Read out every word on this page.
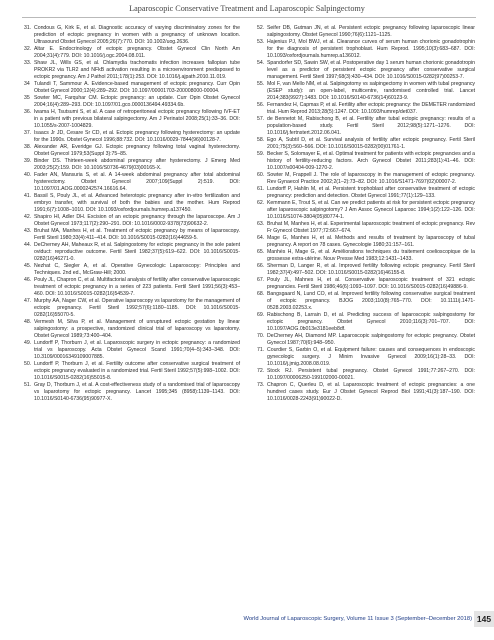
Laparoscopic Conservative Treatment and Laparoscopic Salpingectomy

31. Condous G, Kirk E, et al. Diagnostic accuracy of varying discriminatory zones for the prediction of ectopic pregnancy in women with a pregnancy of unknown location. Ultrasound Obstet Gynecol 2005;26(7):770. DOI: 10.1002/uog.2636.

32. Altar E. Endocrinology of ectopic pregnancy. Obstet Gynecol Clin North Am 2004;31(4):779. DOI: 10.1016/j.ogc.2004.08.011.

33. Shaw JL, Wills GS, et al. Chlamydia trachomatis infection increases fallopian tube PROKR2 via TLR2 and NFkB activation resulting in a microenvironment predisposed to ectopic pregnancy. Am J Pathol 2011;178(1):253. DOI: 10.1016/j.ajpath.2010.11.019.

34 Tulandi T, Sammour A. Evidence-based management of ectopic pregnancy. Curr Opin Obstet Gynecol 2000;12(4):289–292. DOI: 10.1097/00001703-200008000-00004.

35 Sowter MC, Farquhar CM. Ectopic pregnancy: an update. Curr Opin Obstet Gynecol 2004;16(4):289–293. DOI: 10.1097/01.gco.0000136494.49334.6b.

36. Iwama H, Tsutsumi S, et al. A case of retroperitoneal ectopic pregnancy following IVF-ET in a patient with previous bilateral salpingectomy. Am J Perinatol 2008;25(1):33–36. DOI: 10.1055/s-2007-1004829.

37. Isaacs Jr JD, Cesare Sr CD, et al. Ectopic pregnancy following hysterectomy: an update for the 1990s. Obstet Gynecol 1996;88:732. DOI: 10.1016/0029-7844(96)00128-7.

38. Alexander AR, Everidge GJ. Ectopic pregnancy following total vaginal hysterectomy. Obstet Gynecol 1979;53(Suppl 3):75–85.

39. Binder DS. Thirteen-week abdominal pregnancy after hysterectomy. J Emerg Med 2003;25(2):159. DOI: 10.1016/S0736-4679(03)00165-X.

40. Fader AN, Mansuria S, et al. A 14-week abdominal pregnancy after total abdominal hysterectomy. Obstet Gynecol 2007;109(Suppl 2):519. DOI: 10.1097/01.AOG.0000242574.16616.64.

41. Bassil S, Pouly JL, et al. Advanced heterotopic pregnancy after in-vitro fertilization and embryo transfer, with survival of both the babies and the mother. Hum Reprod 1991;6(7):1008–1010. DOI: 10.1093/oxfordjournals.humrep.a137450.

42. Shapiro HI, Adler DH. Excision of an ectopic pregnancy through the laparoscope. Am J Obstet Gynecol 1973;117(2):290–291. DOI: 10.1016/0002-9378(73)90632-2.

43. Bruhat MA, Manhes H, et al. Treatment of ectopic pregnancy by means of laparoscopy. Fertil Steril 1980;33(4):411–414. DOI: 10.1016/S0015-0282(16)44659-5.

44. DeCherney AH, Maheaux R, et al. Salpingostomy for ectopic pregnancy in the sole patent oviduct: reproductive outcome. Fertil Steril 1982;37(5):619–622. DOI: 10.1016/S0015-0282(16)46271-0.

45. Nezhat C, Siegler A, et al. Operative Gynecologic Laparoscopy: Principles and Techniques. 2nd ed., McGraw-Hill; 2000.

46. Pouly JL, Chapron C, et al. Multifactorial analysis of fertility after conservative laparoscopic treatment of ectopic pregnancy in a series of 223 patients. Fertil Steril 1991;56(3):453–460. DOI: 10.1016/S0015-0282(16)54539-7.

47. Murphy AA, Nager CW, et al. Operative laparoscopy vs laparotomy for the management of ectopic pregnancy. Fertil Steril 1992;57(6):1180–1185. DOI: 10.1016/S0015-0282(16)55070-5.

48. Vermesh M, Silva P, et al. Management of unruptured ectopic gestation by linear salpingostomy: a prospective, randomized clinical trial of laparoscopy vs laparotomy. Obstet Gynecol 1989;73:400–404.

49. Lundorff P, Thorburn J, et al. Laparoscopic surgery in ectopic pregnancy: a randomized trial vs laparoscopy. Acta Obstet Gynecol Scand 1991;70(4–5):343–348. DOI: 10.3109/00016349109007885.

50. Lundorff P, Thorburn J, et al. Fertility outcome after conservative surgical treatment of ectopic pregnancy evaluated in a randomized trial. Fertil Steril 1992;57(5):998–1002. DOI: 10.1016/S0015-0282(16)55015-8.

51. Gray D, Thorburn J, et al. A cost-effectiveness study of a randomised trial of laparoscopy vs laparotomy for ectopic pregnancy. Lancet 1995;345 (8958):1139–1143. DOI: 10.1016/S0140-6736(95)90977-X.

52. Seifer DB, Gutman JN, et al. Persistent ectopic pregnancy following laparoscopic linear salpingostomy. Obstet Gynecol 1990;76(6):1121–1125.

53. Hajenius PJ, Mol BWJ, et al. Clearance curves of serum human chorionic gonadotrophin for the diagnosis of persistent trophoblast. Hum Reprod. 1995;10(3):683–687. DOI: 10.1093/oxfordjournals.humrep.a136012.

54. Spandorfer SD, Sawin SW, et al. Postoperative day 1 serum human chorionic gonadotropin level as a predictor of persistent ectopic pregnancy after conservative surgical management. Fertil Steril 1997;68(3):430–434. DOI: 10.1016/S0015-0282(97)00253-7.

55. Mol F, van Mello NM, et al. Salpingotomy vs salpingectomy in women with tubal pregnancy (ESEP study): an open-label, multicentre, randomised controlled trial. Lancet 2014;383(9927):1483. DOI: 10.1016/S0140-6736(14)60123-9.

56. Fernandez H, Capmas P, et al. Fertility after ectopic pregnancy: the DEMETER randomized trial. Hum Reprod 2013;28(5):1247. DOI: 10.1093/humrep/det037.

57. de Bennetot M, Rabischong B, et al. Fertility after tubal ectopic pregnancy: results of a population-based study. Fertil Steril 2012;98(5):1271–1276. DOI: 10.1016/j.fertnstert.2012.06.041.

58. Ego A, Subtil D, et al. Survival analysis of fertility after ectopic pregnancy. Fertil Steril 2001;75(3):560–566. DOI: 10.1016/S0015-0282(00)01761-1.

59. Becker S, Solomayer E, et al. Optimal treatment for patients with ectopic pregnancies and a history of fertility-reducing factors. Arch Gynecol Obstet 2011;283(1):41–46. DOI: 10.1007/s00404-009-1270-2.

60. Sowter M, Frappell J. The role of laparoscopy in the management of ectopic pregnancy. Rev Gynaecol Practice 2002;2(1–2):73–82. DOI: 10.1016/S1471-7697(02)00007-2.

61. Lundorff P, Hahlin M, et al. Persistent trophoblast after conservative treatment of ectopic pregnancy: prediction and detection. Obstet Gynecol 1991;77(1):129–133.

62. Kemmann E, Trout S, et al. Can we predict patients at risk for persistent ectopic pregnancy after laparoscopic salpingotomy? J Am Assoc Gynecol Laparosc 1994;1(2):122–126. DOI: 10.1016/S1074-3804(05)80774-1.

63. Bruhat M, Manhes H, et al. Experimental laparoscopic treatment of ectopic pregnancy. Rev Fr Gynecol Obstet 1977;72:667–674.

64. Mage G, Manhes H, et al. Methods and results of treatment by laparoscopy of tubal pregnancy. A report on 78 cases. Gynecologie 1980;31:157–161.

65. Manhès H, Mage G, et al. Améliorations techniques du traitement coelioscopique de la grossesse extra-utérine. Nouv Presse Med 1983;12:1431–1433.

66. Sherman D, Langer R, et al. Improved fertility following ectopic pregnancy. Fertil Steril 1982;37(4):497–502. DOI: 10.1016/S0015-0282(16)46155-8.

67. Pouly JL, Mahnes H, et al. Conservative laparoscopic treatment of 321 ectopic pregnancies. Fertil Steril 1986;46(6):1093–1097. DOI: 10.1016/S0015-0282(16)49886-9.

68. Bangsgaard N, Lund CO, et al. Improved fertility following conservative surgical treatment of ectopic pregnancy. BJOG 2003;110(8):765–770. DOI: 10.1111/j.1471-0528.2003.02253.x.

69. Rabischong B, Larrain D, et al. Predicting success of laparoscopic salpingostomy for ectopic pregnancy. Obstet Gynecol 2010;116(3):701–707. DOI: 10.1097/AOG.0b013e3181eeb8df.

70. DeCherney AH, Diamond MP. Laparoscopic salpingostomy for ectopic pregnancy. Obstet Gynecol 1987;70(6):948–950.

71. Courdier S, Garbin O, et al. Equipment failure: causes and consequences in endoscopic gynecologic surgery. J Minim Invasive Gynecol 2009;16(1):28–33. DOI: 10.1016/j.jmig.2008.08.019.

72. Stock RJ. Persistent tubal pregnancy. Obstet Gynecol 1991;77:267–270. DOI: 10.1097/00006250-199102000-00021.

73. Chapron C, Querleu D, et al. Laparoscopic treatment of ectopic pregnancies: a one hundred cases study. Eur J Obstet Gynecol Reprod Biol 1991;41(3):187–190. DOI: 10.1016/0028-2243(91)90022-D.

World Journal of Laparoscopic Surgery, Volume 11 Issue 3 (September–December 2018) 145
